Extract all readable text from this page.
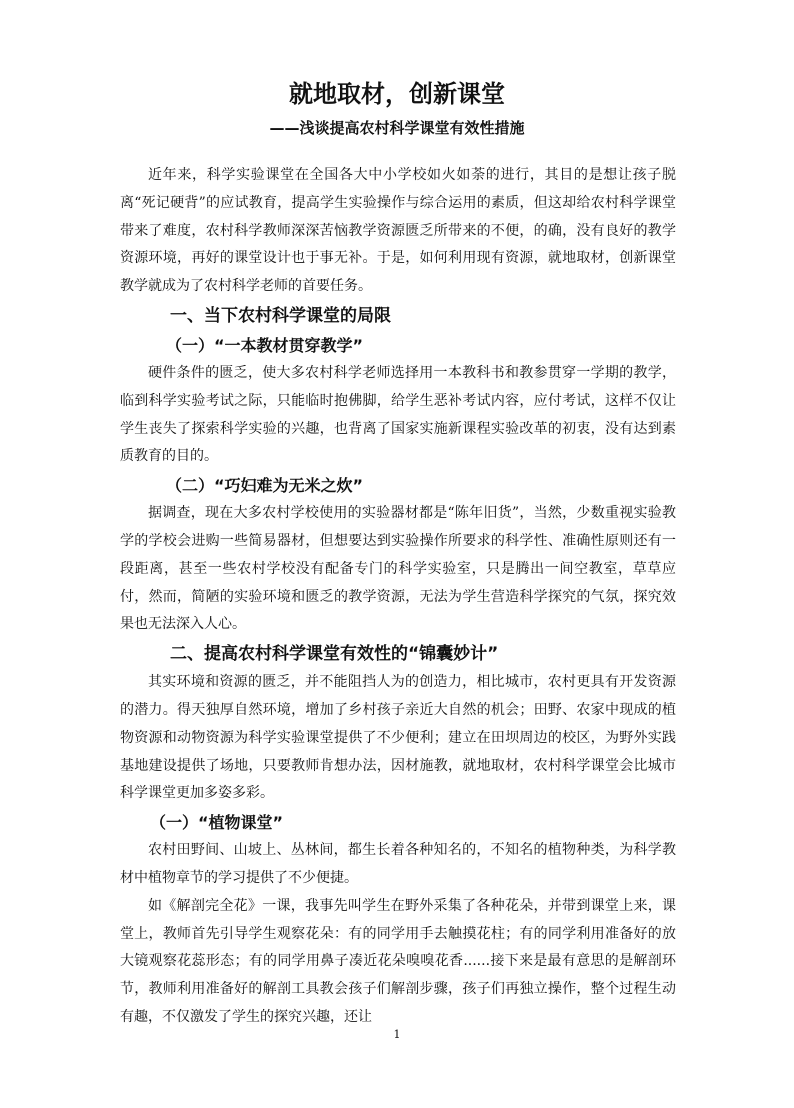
就地取材，创新课堂

——浅谈提高农村科学课堂有效性措施

近年来，科学实验课堂在全国各大中小学校如火如荼的进行，其目的是想让孩子脱离“死记硬背”的应试教育，提高学生实验操作与综合运用的素质，但这却给农村科学课堂带来了难度，农村科学教师深深苦恼教学资源匮乏所带来的不便，的确，没有良好的教学资源环境，再好的课堂设计也于事无补。于是，如何利用现有资源，就地取材，创新课堂教学就成为了农村科学老师的首要任务。

一、当下农村科学课堂的局限
（一）“一本教材贯穿教学”

硬件条件的匮乏，使大多农村科学老师选择用一本教科书和教参贯穿一学期的教学，临到科学实验考试之际，只能临时抱佛脚，给学生恶补考试内容，应付考试，这样不仅让学生丧失了探索科学实验的兴趣，也背离了国家实施新课程实验改革的初衷，没有达到素质教育的目的。

（二）“巧妇难为无米之炊”

据调查，现在大多农村学校使用的实验器材都是“陈年旧货”，当然，少数重视实验教学的学校会进购一些简易器材，但想要达到实验操作所要求的科学性、准确性原则还有一段距离，甚至一些农村学校没有配备专门的科学实验室，只是腾出一间空教室，草草应付，然而，简陋的实验环境和匮乏的教学资源，无法为学生营造科学探究的气氛，探究效果也无法深入人心。

二、提高农村科学课堂有效性的“锦囊妙计”

其实环境和资源的匮乏，并不能阻挡人为的创造力，相比城市，农村更具有开发资源的潜力。得天独厚自然环境，增加了乡村孩子亲近大自然的机会；田野、农家中现成的植物资源和动物资源为科学实验课堂提供了不少便利；建立在田坝周边的校区，为野外实践基地建设提供了场地，只要教师肯想办法，因材施教，就地取材，农村科学课堂会比城市科学课堂更加多姿多彩。

（一）“植物课堂”

农村田野间、山坡上、丛林间，都生长着各种知名的，不知名的植物种类，为科学教材中植物章节的学习提供了不少便捷。

如《解剖完全花》一课，我事先叫学生在野外采集了各种花朵，并带到课堂上来，课堂上，教师首先引导学生观察花朵：有的同学用手去触摸花柱；有的同学利用准备好的放大镜观察花蕊形态；有的同学用鼻子凑近花朵嗅嗅花香......接下来是最有意思的是解剖环节，教师利用准备好的解剖工具教会孩子们解剖步骤，孩子们再独立操作，整个过程生动有趣，不仅激发了学生的探究兴趣，还让

1
